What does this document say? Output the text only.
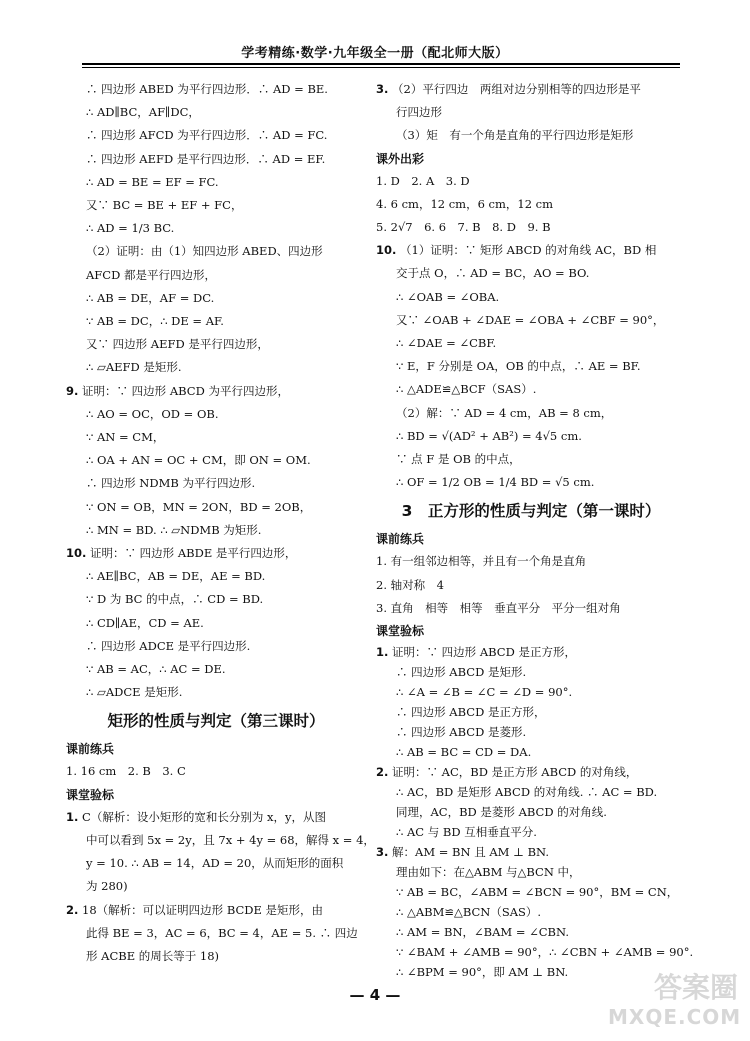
学考精练·数学·九年级全一册（配北师大版）
∴ 四边形 ABED 为平行四边形．∴ AD = BE.
∴ AD∥BC，AF∥DC，
∴ 四边形 AFCD 为平行四边形．∴ AD = FC.
∴ 四边形 AEFD 是平行四边形．∴ AD = EF.
∴ AD = BE = EF = FC.
又∵ BC = BE + EF + FC，
∴ AD = 1/3 BC.
（2）证明：由（1）知四边形 ABED、四边形
AFCD 都是平行四边形，
∴ AB = DE，AF = DC.
∵ AB = DC，∴ DE = AF.
又∵ 四边形 AEFD 是平行四边形，
∴ ▱AEFD 是矩形.
9. 证明：∵ 四边形 ABCD 为平行四边形，
∴ AO = OC，OD = OB.
∵ AN = CM，
∴ OA + AN = OC + CM，即 ON = OM.
∴ 四边形 NDMB 为平行四边形.
∵ ON = OB，MN = 2ON，BD = 2OB，
∴ MN = BD. ∴ ▱NDMB 为矩形.
10. 证明：∵ 四边形 ABDE 是平行四边形，
∴ AE∥BC，AB = DE，AE = BD.
∵ D 为 BC 的中点，∴ CD = BD.
∴ CD∥AE，CD = AE.
∴ 四边形 ADCE 是平行四边形.
∵ AB = AC，∴ AC = DE.
∴ ▱ADCE 是矩形.
矩形的性质与判定（第三课时）
课前练兵
1. 16 cm　2. B　3. C
课堂验标
1. C（解析：设小矩形的宽和长分别为 x，y，从图
中可以看到 5x = 2y，且 7x + 4y = 68，解得 x = 4，
y = 10. ∴ AB = 14，AD = 20，从而矩形的面积
为 280)
2. 18（解析：可以证明四边形 BCDE 是矩形，由
此得 BE = 3，AC = 6，BC = 4，AE = 5. ∴ 四边
形 ACBE 的周长等于 18)
3. （2）平行四边　两组对边分别相等的四边形是平
行四边形
（3）矩　有一个角是直角的平行四边形是矩形
课外出彩
1. D　2. A　3. D
4. 6 cm，12 cm，6 cm，12 cm
5. 2√7　6. 6　7. B　8. D　9. B
10. （1）证明：∵ 矩形 ABCD 的对角线 AC，BD 相
交于点 O，∴ AD = BC，AO = BO.
∴ ∠OAB = ∠OBA.
又∵ ∠OAB + ∠DAE = ∠OBA + ∠CBF = 90°，
∴ ∠DAE = ∠CBF.
∵ E，F 分别是 OA，OB 的中点，∴ AE = BF.
∴ △ADE≌△BCF（SAS）.
（2）解：∵ AD = 4 cm，AB = 8 cm，
∴ BD = √(AD² + AB²) = 4√5 cm.
∵ 点 F 是 OB 的中点，
∴ OF = 1/2 OB = 1/4 BD = √5 cm.
3　正方形的性质与判定（第一课时）
课前练兵
1. 有一组邻边相等，并且有一个角是直角
2. 轴对称　4
3. 直角　相等　相等　垂直平分　平分一组对角
课堂验标
1. 证明：∵ 四边形 ABCD 是正方形，
∴ 四边形 ABCD 是矩形.
∴ ∠A = ∠B = ∠C = ∠D = 90°.
∴ 四边形 ABCD 是正方形，
∴ 四边形 ABCD 是菱形.
∴ AB = BC = CD = DA.
2. 证明：∵ AC，BD 是正方形 ABCD 的对角线，
∴ AC，BD 是矩形 ABCD 的对角线. ∴ AC = BD.
同理，AC，BD 是菱形 ABCD 的对角线.
∴ AC 与 BD 互相垂直平分.
3. 解：AM = BN 且 AM ⊥ BN.
理由如下：在△ABM 与△BCN 中，
∵ AB = BC，∠ABM = ∠BCN = 90°，BM = CN，
∴ △ABM≌△BCN（SAS）.
∴ AM = BN，∠BAM = ∠CBN.
∵ ∠BAM + ∠AMB = 90°，∴ ∠CBN + ∠AMB = 90°.
∴ ∠BPM = 90°，即 AM ⊥ BN.
— 4 —	答案圈
MXQE.COM
